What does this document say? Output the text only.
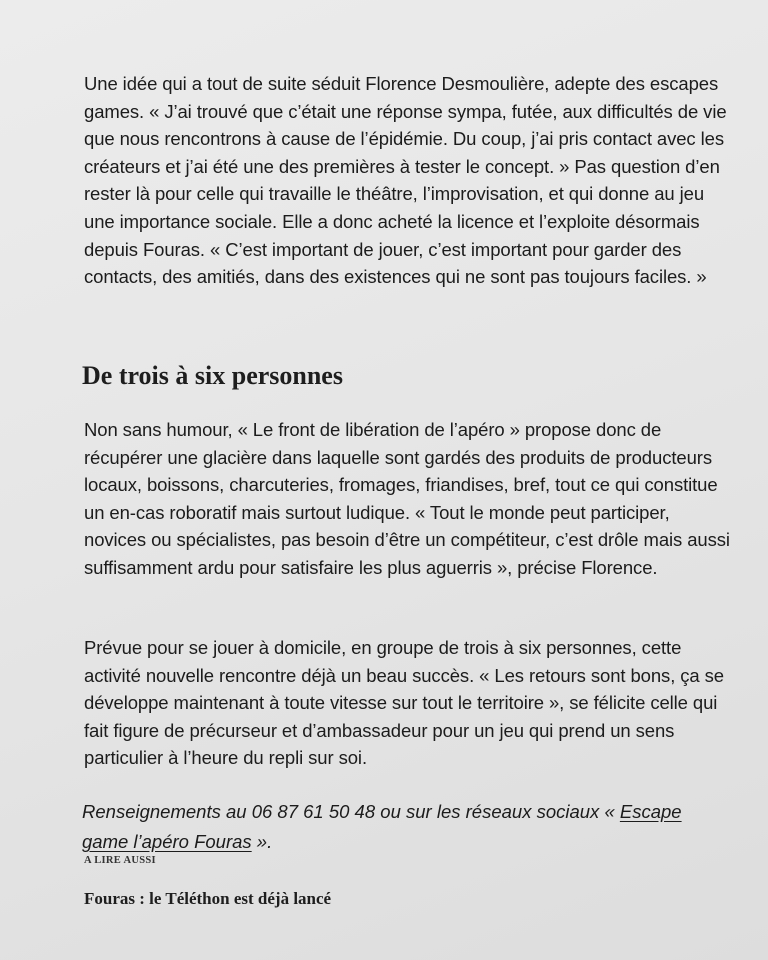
Une idée qui a tout de suite séduit Florence Desmoulière, adepte des escapes games. « J’ai trouvé que c’était une réponse sympa, futée, aux difficultés de vie que nous rencontrons à cause de l’épidémie. Du coup, j’ai pris contact avec les créateurs et j’ai été une des premières à tester le concept. » Pas question d’en rester là pour celle qui travaille le théâtre, l’improvisation, et qui donne au jeu une importance sociale. Elle a donc acheté la licence et l’exploite désormais depuis Fouras. « C’est important de jouer, c’est important pour garder des contacts, des amitiés, dans des existences qui ne sont pas toujours faciles. »

De trois à six personnes

Non sans humour, « Le front de libération de l’apéro » propose donc de récupérer une glacière dans laquelle sont gardés des produits de producteurs locaux, boissons, charcuteries, fromages, friandises, bref, tout ce qui constitue un en-cas roboratif mais surtout ludique. « Tout le monde peut participer, novices ou spécialistes, pas besoin d’être un compétiteur, c’est drôle mais aussi suffisamment ardu pour satisfaire les plus aguerris », précise Florence.

Prévue pour se jouer à domicile, en groupe de trois à six personnes, cette activité nouvelle rencontre déjà un beau succès. « Les retours sont bons, ça se développe maintenant à toute vitesse sur tout le territoire », se félicite celle qui fait figure de précurseur et d’ambassadeur pour un jeu qui prend un sens particulier à l’heure du repli sur soi.

Renseignements au 06 87 61 50 48 ou sur les réseaux sociaux « Escape game l’apéro Fouras ».
A LIRE AUSSI
Fouras : le Téléthon est déjà lancé
